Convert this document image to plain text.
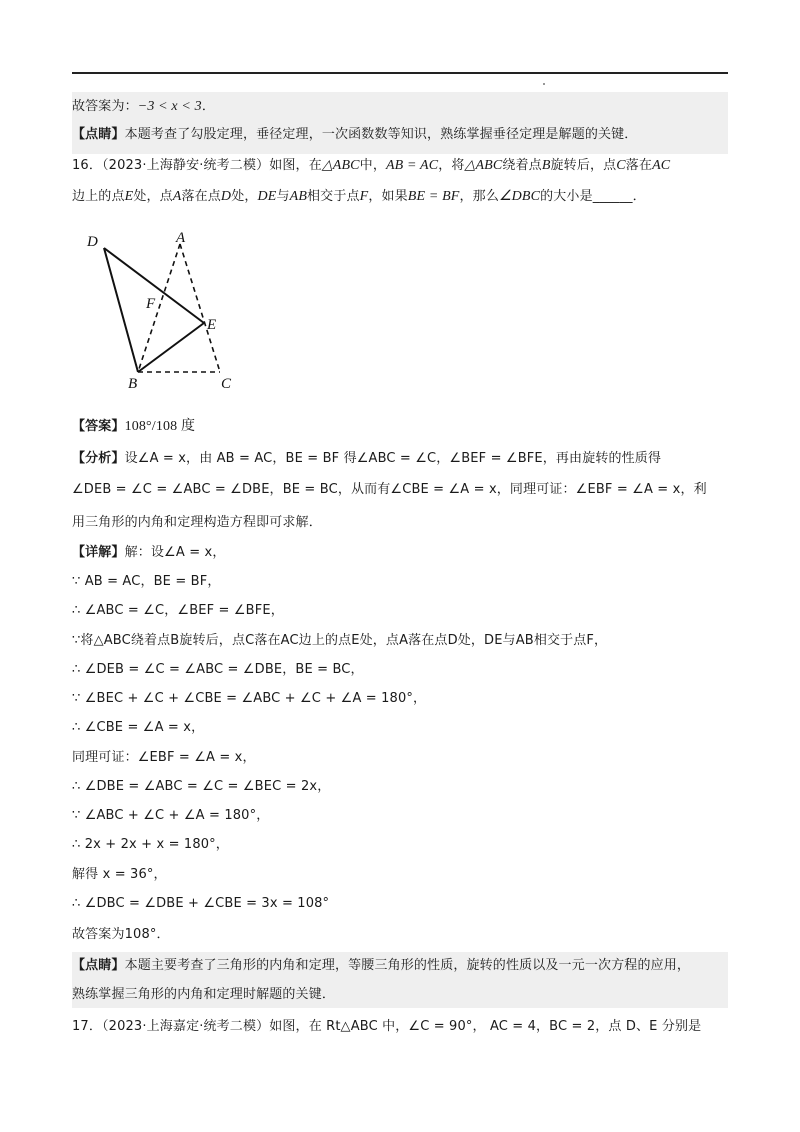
故答案为：−3 < x < 3．
【点睛】本题考查了勾股定理，垂径定理，一次函数数等知识，熟练掌握垂径定理是解题的关键．
16．（2023·上海静安·统考二模）如图，在△ABC中，AB = AC，将△ABC绕着点B旋转后，点C落在AC
边上的点E处，点A落在点D处，DE与AB相交于点F，如果BE = BF，那么∠DBC的大小是______．
D	A
F
E
B	C
【答案】108°/108 度
【分析】设∠A = x，由 AB = AC，BE = BF 得∠ABC = ∠C，∠BEF = ∠BFE，再由旋转的性质得
∠DEB = ∠C = ∠ABC = ∠DBE，BE = BC，从而有∠CBE = ∠A = x，同理可证：∠EBF = ∠A = x，利
用三角形的内角和定理构造方程即可求解．
【详解】解：设∠A = x，
∵ AB = AC，BE = BF，
∴ ∠ABC = ∠C，∠BEF = ∠BFE，
∵将△ABC绕着点B旋转后，点C落在AC边上的点E处，点A落在点D处，DE与AB相交于点F，
∴ ∠DEB = ∠C = ∠ABC = ∠DBE，BE = BC，
∵ ∠BEC + ∠C + ∠CBE = ∠ABC + ∠C + ∠A = 180°，
∴ ∠CBE = ∠A = x，
同理可证：∠EBF = ∠A = x，
∴ ∠DBE = ∠ABC = ∠C = ∠BEC = 2x，
∵ ∠ABC + ∠C + ∠A = 180°，
∴ 2x + 2x + x = 180°，
解得 x = 36°，
∴ ∠DBC = ∠DBE + ∠CBE = 3x = 108°
故答案为108°．
【点睛】本题主要考查了三角形的内角和定理，等腰三角形的性质，旋转的性质以及一元一次方程的应用，
熟练掌握三角形的内角和定理时解题的关键．
17．（2023·上海嘉定·统考二模）如图，在 Rt△ABC 中，∠C = 90°， AC = 4，BC = 2，点 D、E 分别是
